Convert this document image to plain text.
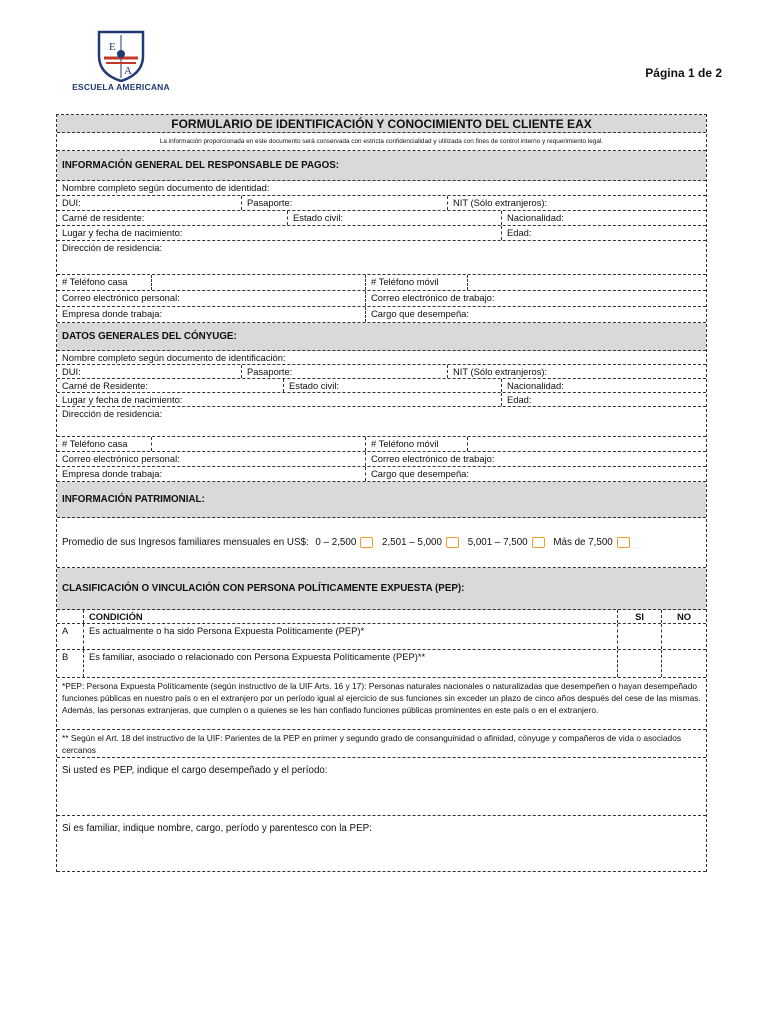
E
A
ESCUELA AMERICANA
Página 1 de 2
FORMULARIO DE IDENTIFICACIÓN Y CONOCIMIENTO DEL CLIENTE EAX
La información proporcionada en este documento será conservada con estricta confidencialidad y utilizada con fines de control interno y requerimiento legal.
INFORMACIÓN GENERAL DEL RESPONSABLE DE PAGOS:
Nombre completo según documento de identidad:
DUI:	Pasaporte:	NIT (Sólo extranjeros):
Carné de residente:	Estado civil:	Nacionalidad:
Lugar y fecha de nacimiento:	Edad:
Dirección de residencia:
# Teléfono casa	# Teléfono móvil
Correo electrónico personal:	Correo electrónico de trabajo:
Empresa donde trabaja:	Cargo que desempeña:
DATOS GENERALES DEL CÓNYUGE:
Nombre completo según documento de identificación:
DUI:	Pasaporte:	NIT (Sólo extranjeros):
Carné de Residente:	Estado civil:	Nacionalidad:
Lugar y fecha de nacimiento:	Edad:
Dirección de residencia:
# Teléfono casa	# Teléfono móvil
Correo electrónico personal:	Correo electrónico de trabajo:
Empresa donde trabaja:	Cargo que desempeña:
INFORMACIÓN PATRIMONIAL:
Promedio de sus Ingresos familiares mensuales en US$: 0 – 2,500	2,501 – 5,000	5,001 – 7,500	Más de 7,500
CLASIFICACIÓN O VINCULACIÓN CON PERSONA POLÍTICAMENTE EXPUESTA (PEP):
CONDICIÓN	SI	NO
A	Es actualmente o ha sido Persona Expuesta Políticamente (PEP)*
B	Es familiar, asociado o relacionado con Persona Expuesta Políticamente (PEP)**
*PEP: Persona Expuesta Políticamente (según instructivo de la UIF Arts. 16 y 17): Personas naturales nacionales o naturalizadas que desempeñen o hayan desempeñado funciones públicas en nuestro país o en el extranjero por un período igual al ejercicio de sus funciones sin exceder un plazo de cinco años después del cese de las mismas. Además, las personas extranjeras, que cumplen o a quienes se les han confiado funciones públicas prominentes en este país o en el extranjero.
** Según el Art. 18 del instructivo de la UIF: Parientes de la PEP en primer y segundo grado de consanguinidad o afinidad, cónyuge y compañeros de vida o asociados cercanos
Si usted es PEP, indique el cargo desempeñado y el período:
Si es familiar, indique nombre, cargo, período y parentesco con la PEP:
